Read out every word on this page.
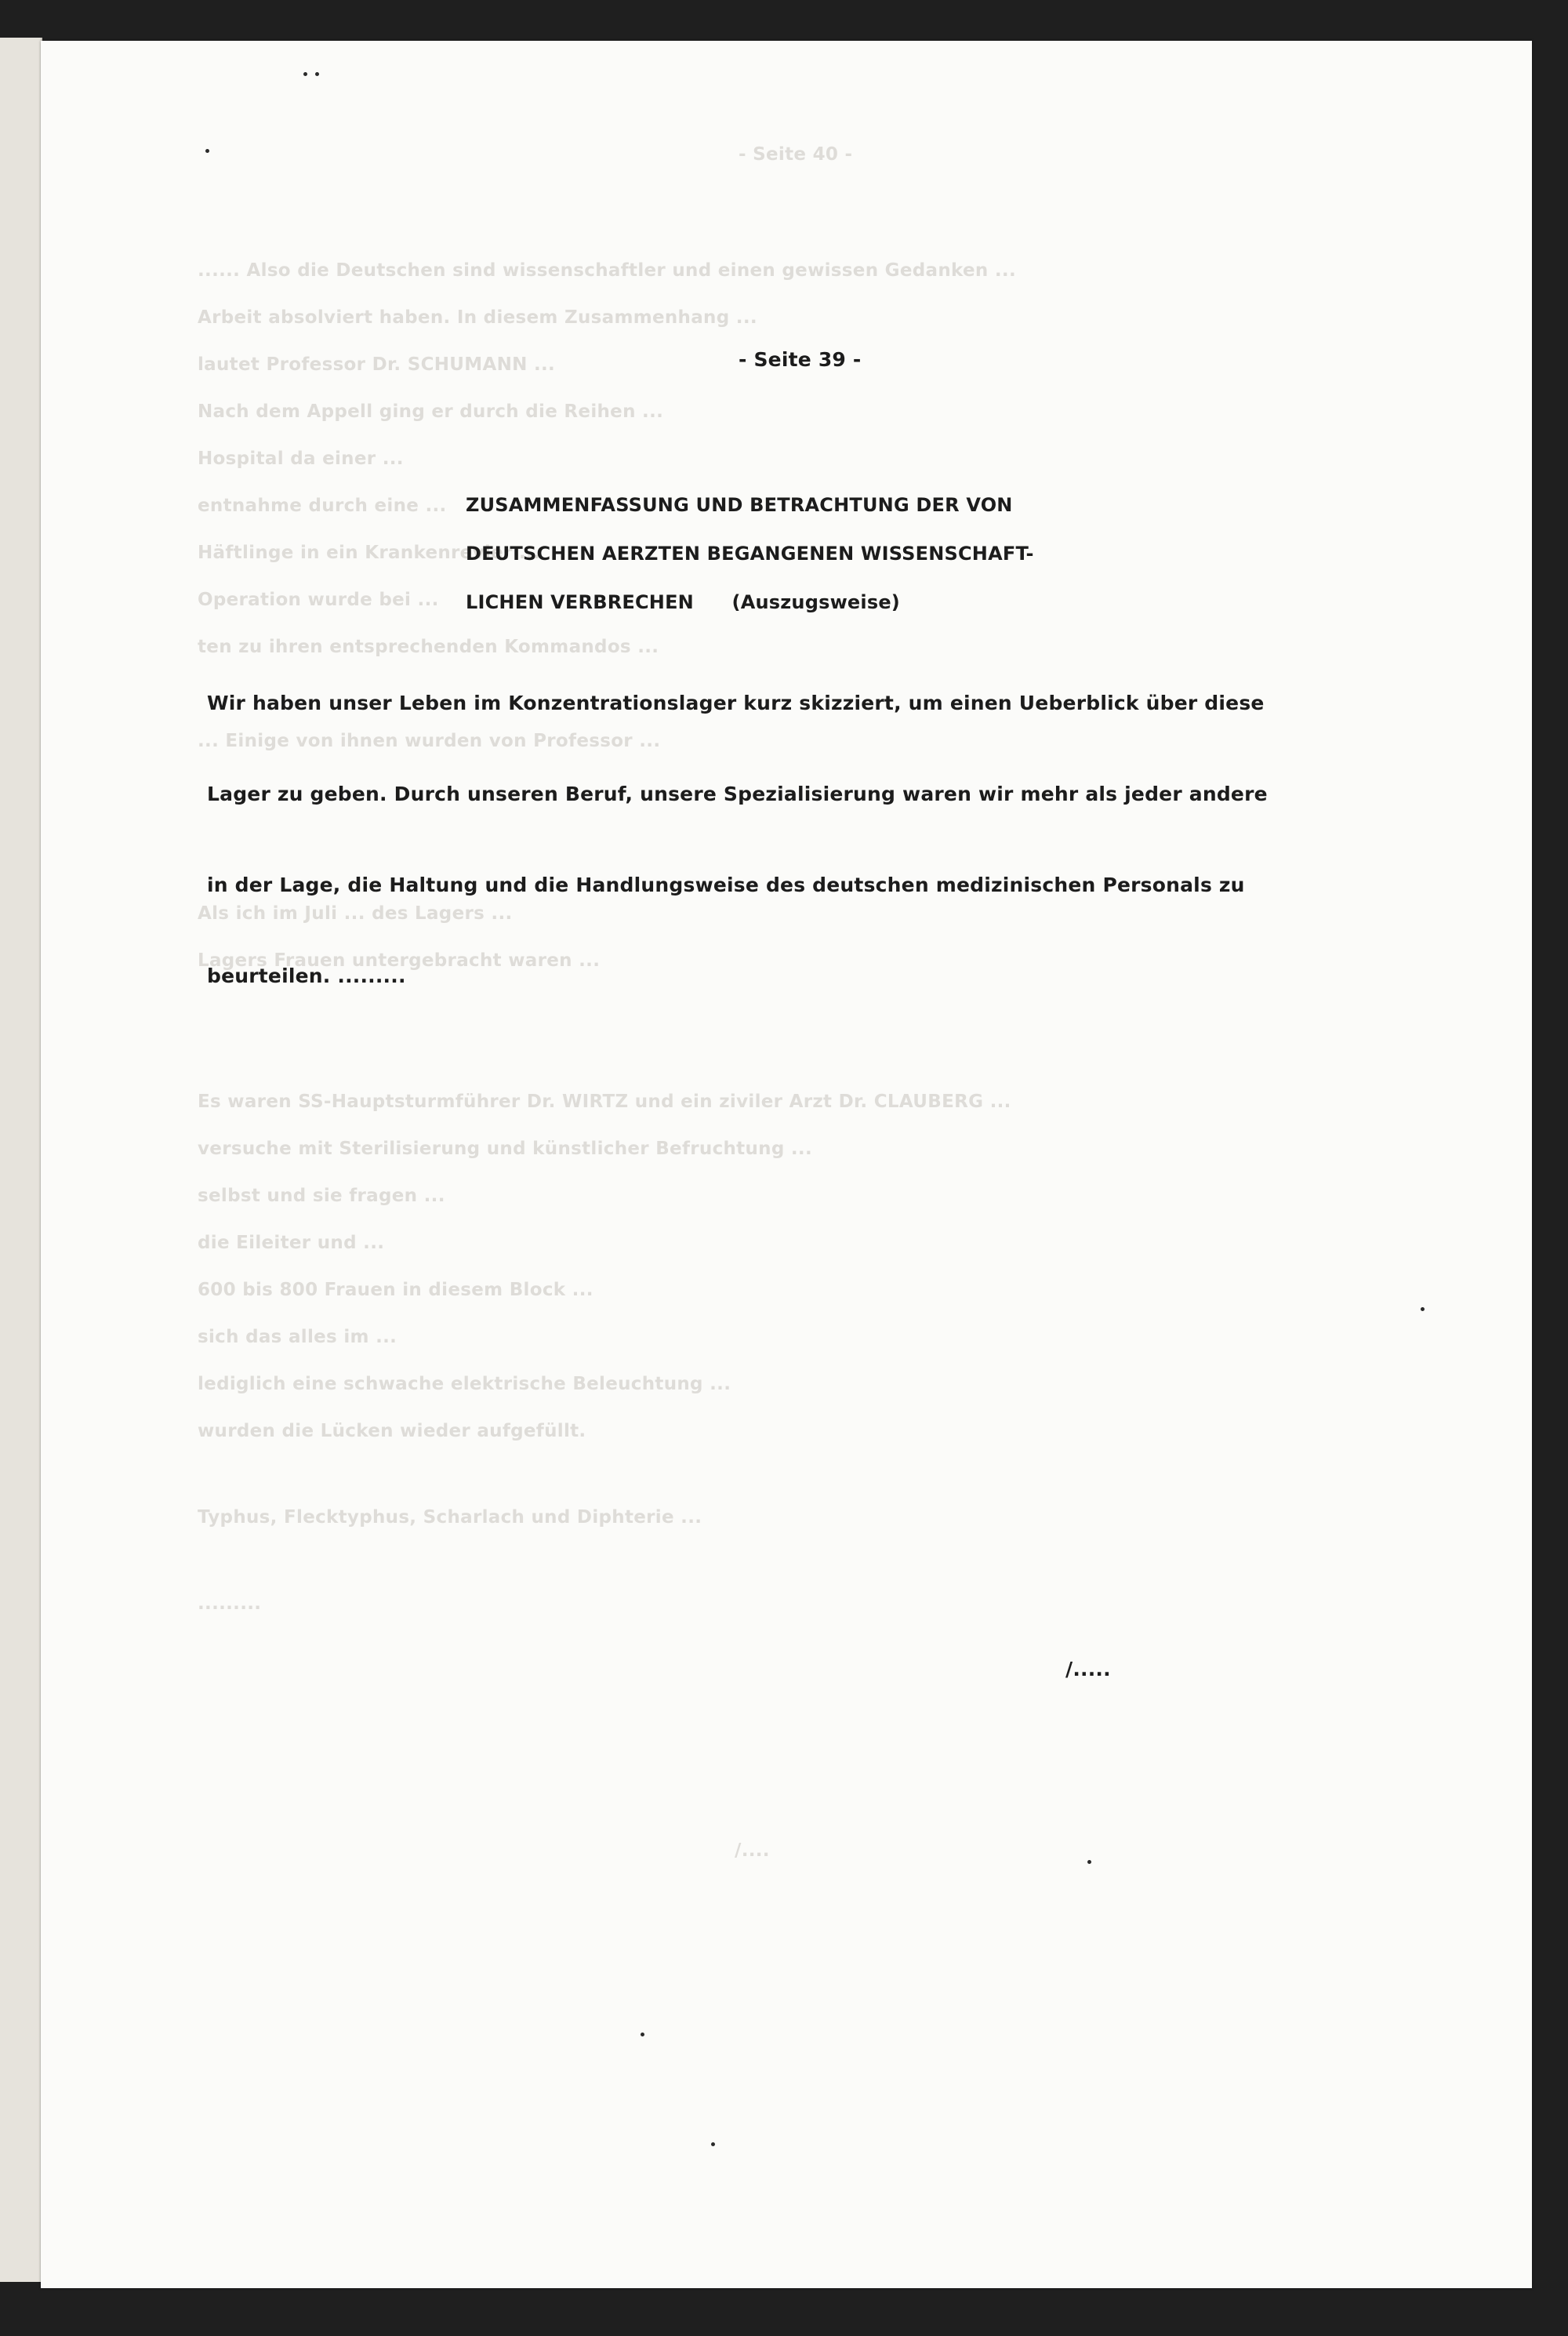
- Seite 40 -
...... Also die Deutschen sind wissenschaftler und einen gewissen Gedanken ...
Arbeit absolviert haben. In diesem Zusammenhang ...
lautet Professor Dr. SCHUMANN ...
Nach dem Appell ging er durch die Reihen ...
Hospital da einer ...
entnahme durch eine ...
Häftlinge in ein Krankenrevier ...
Operation wurde bei ...
ten zu ihren entsprechenden Kommandos ...
... Einige von ihnen wurden von Professor ...
Als ich im Juli ... des Lagers ...
Lagers Frauen untergebracht waren ...
Es waren SS-Hauptsturmführer Dr. WIRTZ und ein ziviler Arzt Dr. CLAUBERG ...
versuche mit Sterilisierung und künstlicher Befruchtung ...
selbst und sie fragen ...
die Eileiter und ...
600 bis 800 Frauen in diesem Block ...
sich das alles im ...
lediglich eine schwache elektrische Beleuchtung ...
wurden die Lücken wieder aufgefüllt.
Typhus, Flecktyphus, Scharlach und Diphterie ...
.........
/....
- Seite 39 -
ZUSAMMENFASSUNG UND BETRACHTUNG DER VON
DEUTSCHEN AERZTEN BEGANGENEN WISSENSCHAFT-
LICHEN VERBRECHEN (Auszugsweise)
Wir haben unser Leben im Konzentrationslager kurz skizziert, um einen Ueberblick über diese
Lager zu geben. Durch unseren Beruf, unsere Spezialisierung waren wir mehr als jeder andere
in der Lage, die Haltung und die Handlungsweise des deutschen medizinischen Personals zu
beurteilen. .........
/.....
